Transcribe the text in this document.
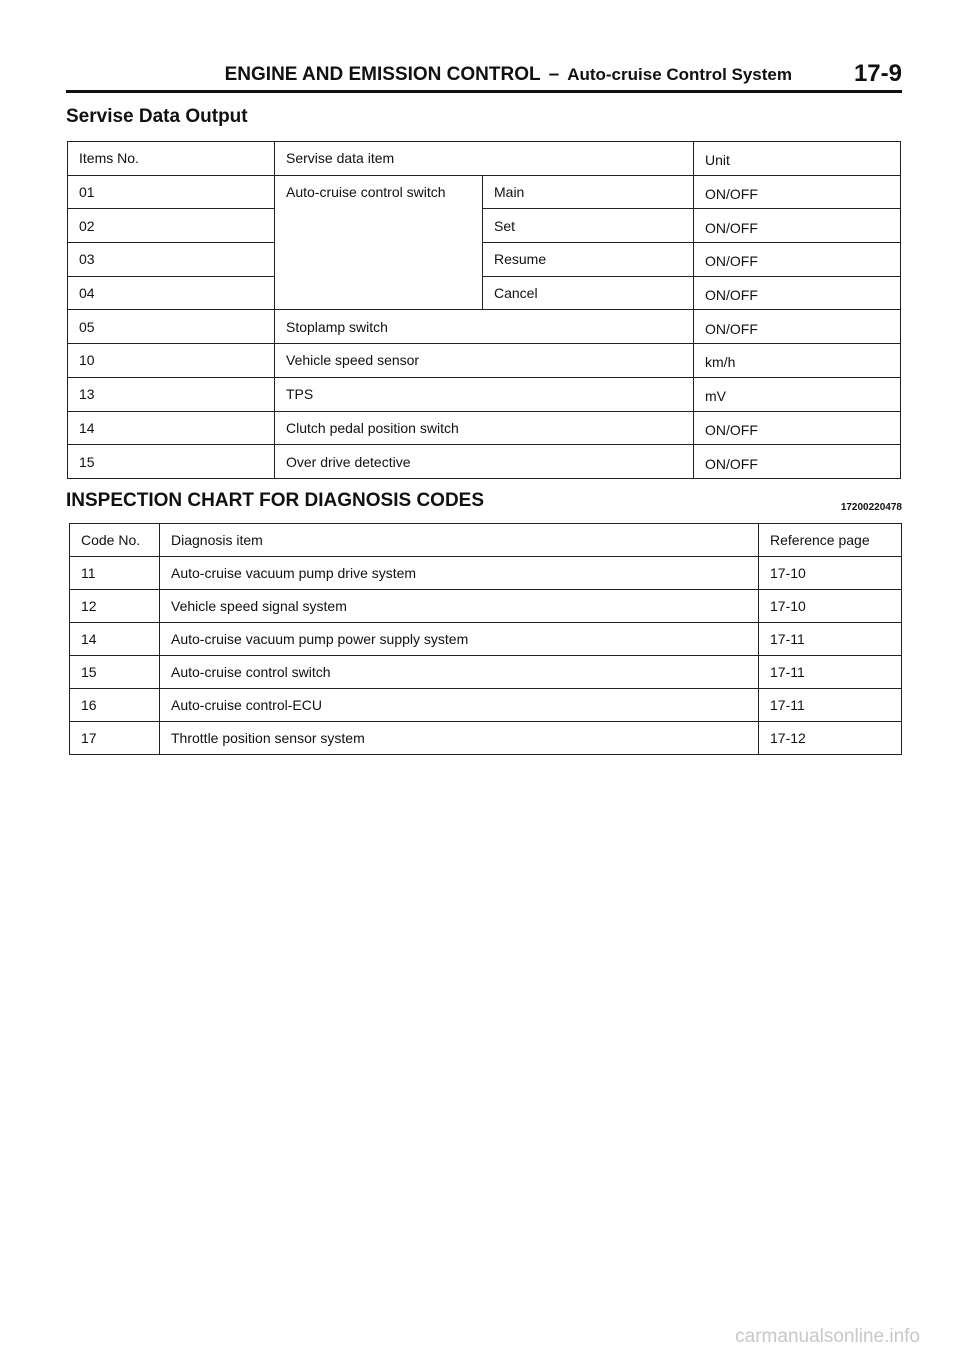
ENGINE AND EMISSION CONTROL – Auto-cruise Control System	17-9
Servise Data Output
Items No.	Servise data item		Unit
01	Auto-cruise control switch	Main	ON/OFF
02		Set	ON/OFF
03		Resume	ON/OFF
04		Cancel	ON/OFF
05	Stoplamp switch		ON/OFF
10	Vehicle speed sensor		km/h
13	TPS		mV
14	Clutch pedal position switch		ON/OFF
15	Over drive detective		ON/OFF
INSPECTION CHART FOR DIAGNOSIS CODES	17200220478
Code No.	Diagnosis item	Reference page
11	Auto-cruise vacuum pump drive system	17-10
12	Vehicle speed signal system	17-10
14	Auto-cruise vacuum pump power supply system	17-11
15	Auto-cruise control switch	17-11
16	Auto-cruise control-ECU	17-11
17	Throttle position sensor system	17-12
carmanualsonline.info
